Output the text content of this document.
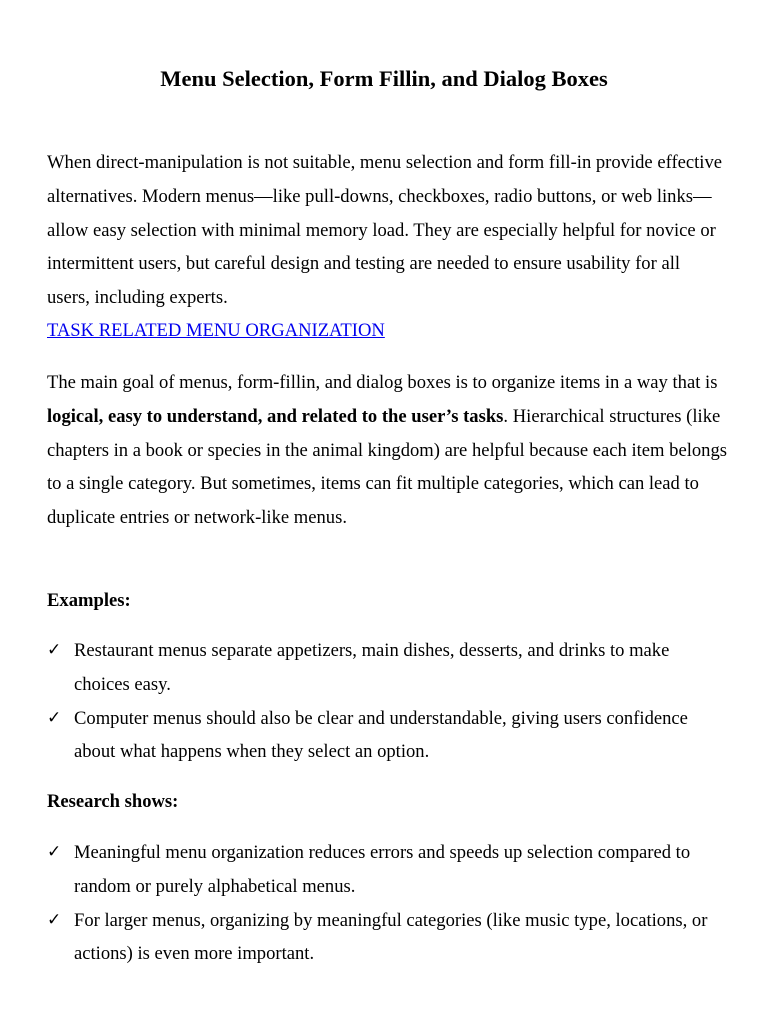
Menu Selection, Form Fillin, and Dialog Boxes

When direct-manipulation is not suitable, menu selection and form fill-in provide effective alternatives. Modern menus—like pull-downs, checkboxes, radio buttons, or web links—allow easy selection with minimal memory load. They are especially helpful for novice or intermittent users, but careful design and testing are needed to ensure usability for all users, including experts.

TASK RELATED MENU ORGANIZATION

The main goal of menus, form-fillin, and dialog boxes is to organize items in a way that is logical, easy to understand, and related to the user’s tasks. Hierarchical structures (like chapters in a book or species in the animal kingdom) are helpful because each item belongs to a single category. But sometimes, items can fit multiple categories, which can lead to duplicate entries or network-like menus.

Examples:

✓ Restaurant menus separate appetizers, main dishes, desserts, and drinks to make choices easy.
✓ Computer menus should also be clear and understandable, giving users confidence about what happens when they select an option.

Research shows:

✓ Meaningful menu organization reduces errors and speeds up selection compared to random or purely alphabetical menus.
✓ For larger menus, organizing by meaningful categories (like music type, locations, or actions) is even more important.
